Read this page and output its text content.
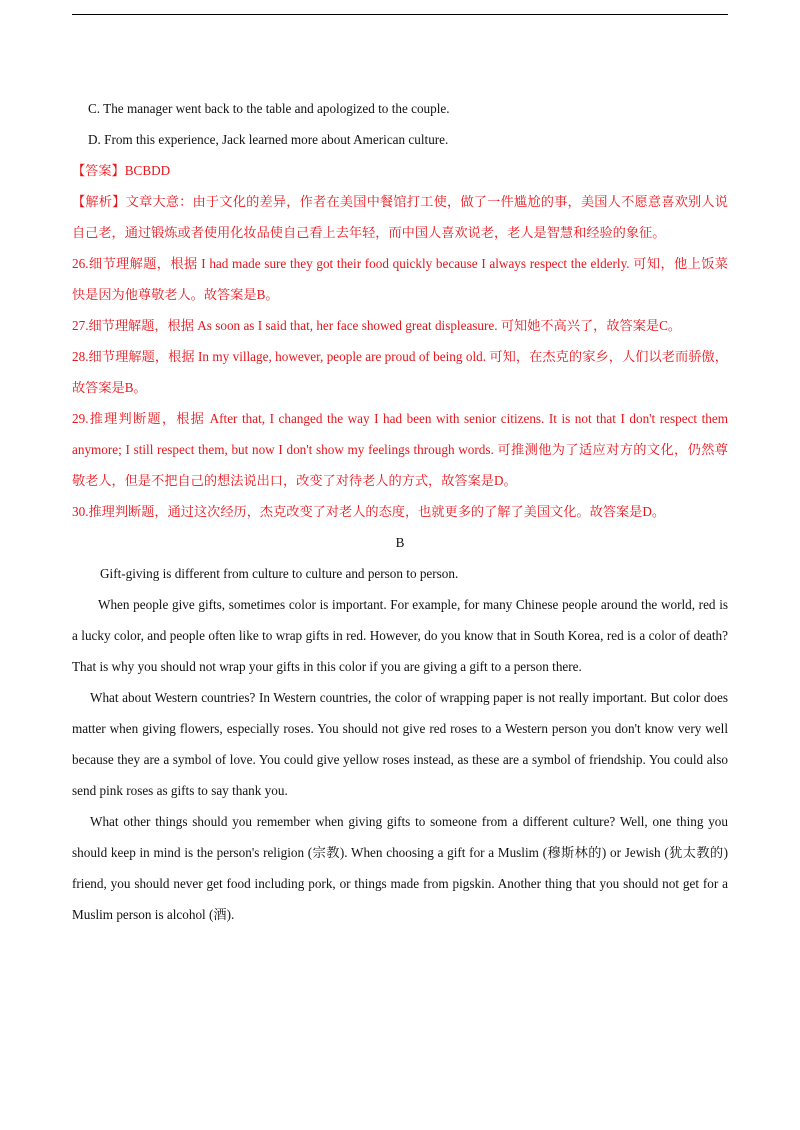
C. The manager went back to the table and apologized to the couple.

D. From this experience, Jack learned more about American culture.

【答案】BCBDD

【解析】文章大意：由于文化的差异，作者在美国中餐馆打工使，做了一件尴尬的事，美国人不愿意喜欢别人说自己老，通过锻炼或者使用化妆品使自己看上去年轻，而中国人喜欢说老，老人是智慧和经验的象征。

26.细节理解题，根据 I had made sure they got their food quickly because I always respect the elderly. 可知，他上饭菜快是因为他尊敬老人。故答案是B。

27.细节理解题，根据 As soon as I said that, her face showed great displeasure. 可知她不高兴了，故答案是C。

28.细节理解题，根据 In my village, however, people are proud of being old. 可知，在杰克的家乡，人们以老而骄傲，故答案是B。

29.推理判断题，根据 After that, I changed the way I had been with senior citizens. It is not that I don't respect them anymore; I still respect them, but now I don't show my feelings through words. 可推测他为了适应对方的文化，仍然尊敬老人，但是不把自己的想法说出口，改变了对待老人的方式，故答案是D。

30.推理判断题，通过这次经历，杰克改变了对老人的态度，也就更多的了解了美国文化。故答案是D。

B

Gift-giving is different from culture to culture and person to person.

When people give gifts, sometimes color is important. For example, for many Chinese people around the world, red is a lucky color, and people often like to wrap gifts in red. However, do you know that in South Korea, red is a color of death? That is why you should not wrap your gifts in this color if you are giving a gift to a person there.

What about Western countries? In Western countries, the color of wrapping paper is not really important. But color does matter when giving flowers, especially roses. You should not give red roses to a Western person you don't know very well because they are a symbol of love. You could give yellow roses instead, as these are a symbol of friendship. You could also send pink roses as gifts to say thank you.

What other things should you remember when giving gifts to someone from a different culture? Well, one thing you should keep in mind is the person's religion (宗教). When choosing a gift for a Muslim (穆斯林的) or Jewish (犹太教的) friend, you should never get food including pork, or things made from pigskin. Another thing that you should not get for a Muslim person is alcohol (酒).
